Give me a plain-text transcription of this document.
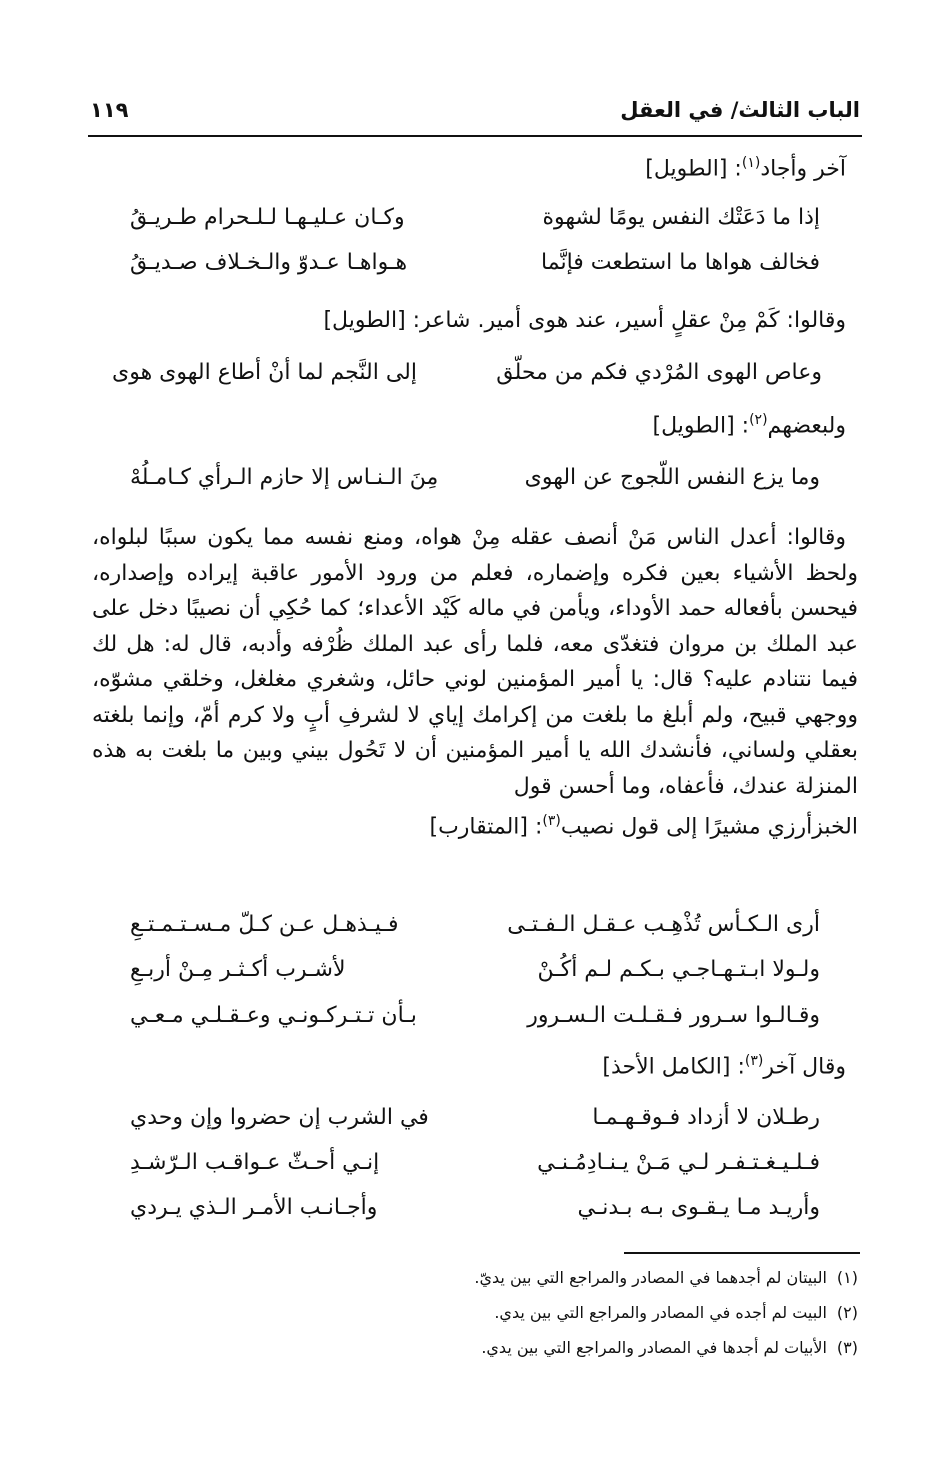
الباب الثالث/ في العقل
١١٩
آخر وأجاد$^{(١)}$: [الطويل]
إذا ما دَعَتْك النفس يومًا لشهوة
وكـان عـليـهـا لـلـحرام طـريـقُ
فخالف هواها ما استطعت فإنَّما
هـواهـا عـدوّ والـخـلاف صـديـقُ
وقالوا: كَمْ مِنْ عقلٍ أسير، عند هوى أمير. شاعر: [الطويل]
وعاص الهوى المُرْدي فكم من محلّق
إلى النَّجم لما أنْ أطاع الهوى هوى
ولبعضهم$^{(٢)}$: [الطويل]
وما يزع النفس اللّجوج عن الهوى
مِنَ الـنـاس إلا حازم الـرأي كـامـلُهْ

وقالوا: أعدل الناس مَنْ أنصف عقله مِنْ هواه، ومنع نفسه مما يكون سببًا لبلواه، ولحظ الأشياء بعين فكره وإضماره، فعلم من ورود الأمور عاقبة إيراده وإصداره، فيحسن بأفعاله حمد الأوداء، ويأمن في ماله كَيْد الأعداء؛ كما حُكِي أن نصيبًا دخل على عبد الملك بن مروان فتغدّى معه، فلما رأى عبد الملك ظُرْفه وأدبه، قال له: هل لك فيما نتنادم عليه؟ قال: يا أمير المؤمنين لوني حائل، وشغري مغلغل، وخلقي مشوّه، ووجهي قبيح، ولم أبلغ ما بلغت من إكرامك إياي لا لشرفِ أبٍ ولا كرم أمّ، وإنما بلغته بعقلي ولساني، فأنشدك الله يا أمير المؤمنين أن لا تَحُول بيني وبين ما بلغت به هذه المنزلة عندك، فأعفاه، وما أحسن قول

الخبزأرزي مشيرًا إلى قول نصيب$^{(٣)}$: [المتقارب]

أرى الـكـأس تُذْهِـب عـقـل الـفـتـى
فـيـذهـل عـن كـلّ مـسـتـمـتـعِ
ولـولا ابـتـهـاجـي بـكـم لـم أكُـنْ
لأشـرب أكـثـر مِـنْ أربـعِ
وقـالـوا سـرور فـقـلـت الـسـرور
بـأن تـتـركـونـي وعـقـلـي مـعـي
وقال آخر$^{(٣)}$: [الكامل الأحذ]
رطـلان لا أزداد فـوقـهـمـا
في الشرب إن حضروا وإن وحدي
فـلـيـغـتـفـر لـي مَـنْ يـنـادِمُـنـي
إنـي أحـثّ عـواقـب الـرّشـدِ
وأريـد مـا يـقـوى بـه بـدنـي
وأجـانـب الأمـر الـذي يـردي
(١)البيتان لم أجدهما في المصادر والمراجع التي بين يديّ.
(٢)البيت لم أجده في المصادر والمراجع التي بين يدي.
(٣)الأبيات لم أجدها في المصادر والمراجع التي بين يدي.
